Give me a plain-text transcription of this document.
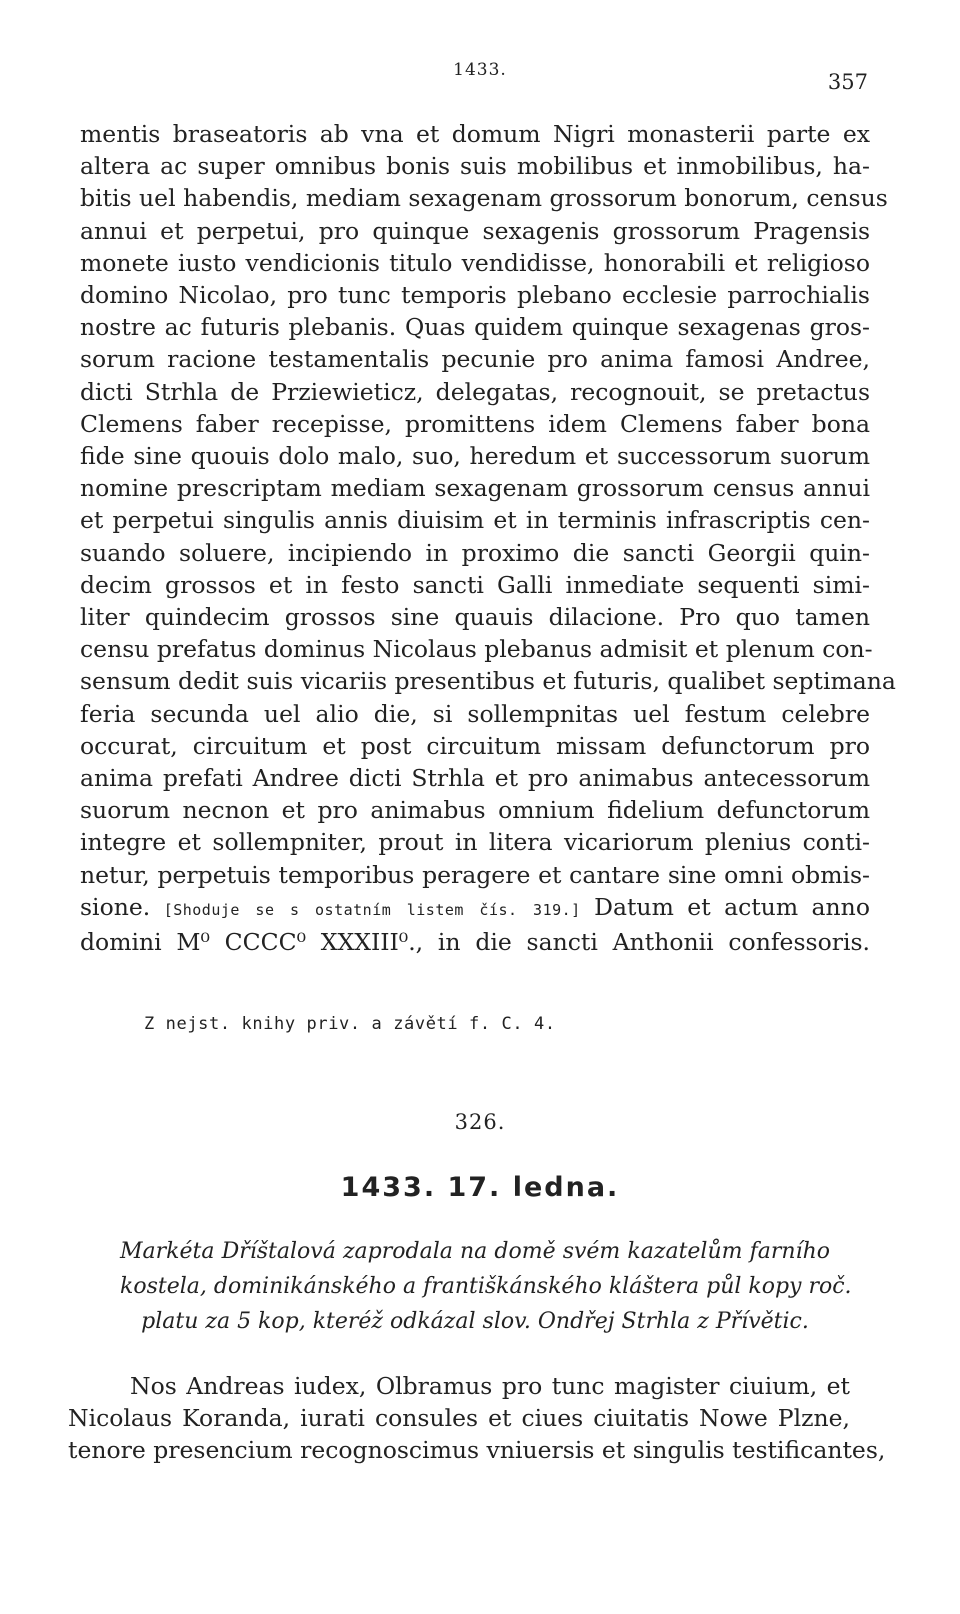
1433.	357
mentis braseatoris ab vna et domum Nigri monasterii parte ex
altera ac super omnibus bonis suis mobilibus et inmobilibus, ha-
bitis uel habendis, mediam sexagenam grossorum bonorum, census
annui et perpetui, pro quinque sexagenis grossorum Pragensis
monete iusto vendicionis titulo vendidisse, honorabili et religioso
domino Nicolao, pro tunc temporis plebano ecclesie parrochialis
nostre ac futuris plebanis. Quas quidem quinque sexagenas gros-
sorum racione testamentalis pecunie pro anima famosi Andree,
dicti Strhla de Prziewieticz, delegatas, recognouit, se pretactus
Clemens faber recepisse, promittens idem Clemens faber bona
fide sine quouis dolo malo, suo, heredum et successorum suorum
nomine prescriptam mediam sexagenam grossorum census annui
et perpetui singulis annis diuisim et in terminis infrascriptis cen-
suando soluere, incipiendo in proximo die sancti Georgii quin-
decim grossos et in festo sancti Galli inmediate sequenti simi-
liter quindecim grossos sine quauis dilacione. Pro quo tamen
censu prefatus dominus Nicolaus plebanus admisit et plenum con-
sensum dedit suis vicariis presentibus et futuris, qualibet septimana
feria secunda uel alio die, si sollempnitas uel festum celebre
occurat, circuitum et post circuitum missam defunctorum pro
anima prefati Andree dicti Strhla et pro animabus antecessorum
suorum necnon et pro animabus omnium fidelium defunctorum
integre et sollempniter, prout in litera vicariorum plenius conti-
netur, perpetuis temporibus peragere et cantare sine omni obmis-
sione. [Shoduje se s ostatním listem čís. 319.] Datum et actum anno
domini M⁰ CCCC⁰ XXXIII⁰., in die sancti Anthonii confessoris.
Z nejst. knihy priv. a závětí f. C. 4.
326.
1433. 17. ledna.
Markéta Dříštalová zaprodala na domě svém kazatelům farního
kostela, dominikánského a františkánského kláštera půl kopy roč.
platu za 5 kop, kteréž odkázal slov. Ondřej Strhla z Přívětic.
Nos Andreas iudex, Olbramus pro tunc magister ciuium, et
Nicolaus Koranda, iurati consules et ciues ciuitatis Nowe Plzne,
tenore presencium recognoscimus vniuersis et singulis testificantes,
